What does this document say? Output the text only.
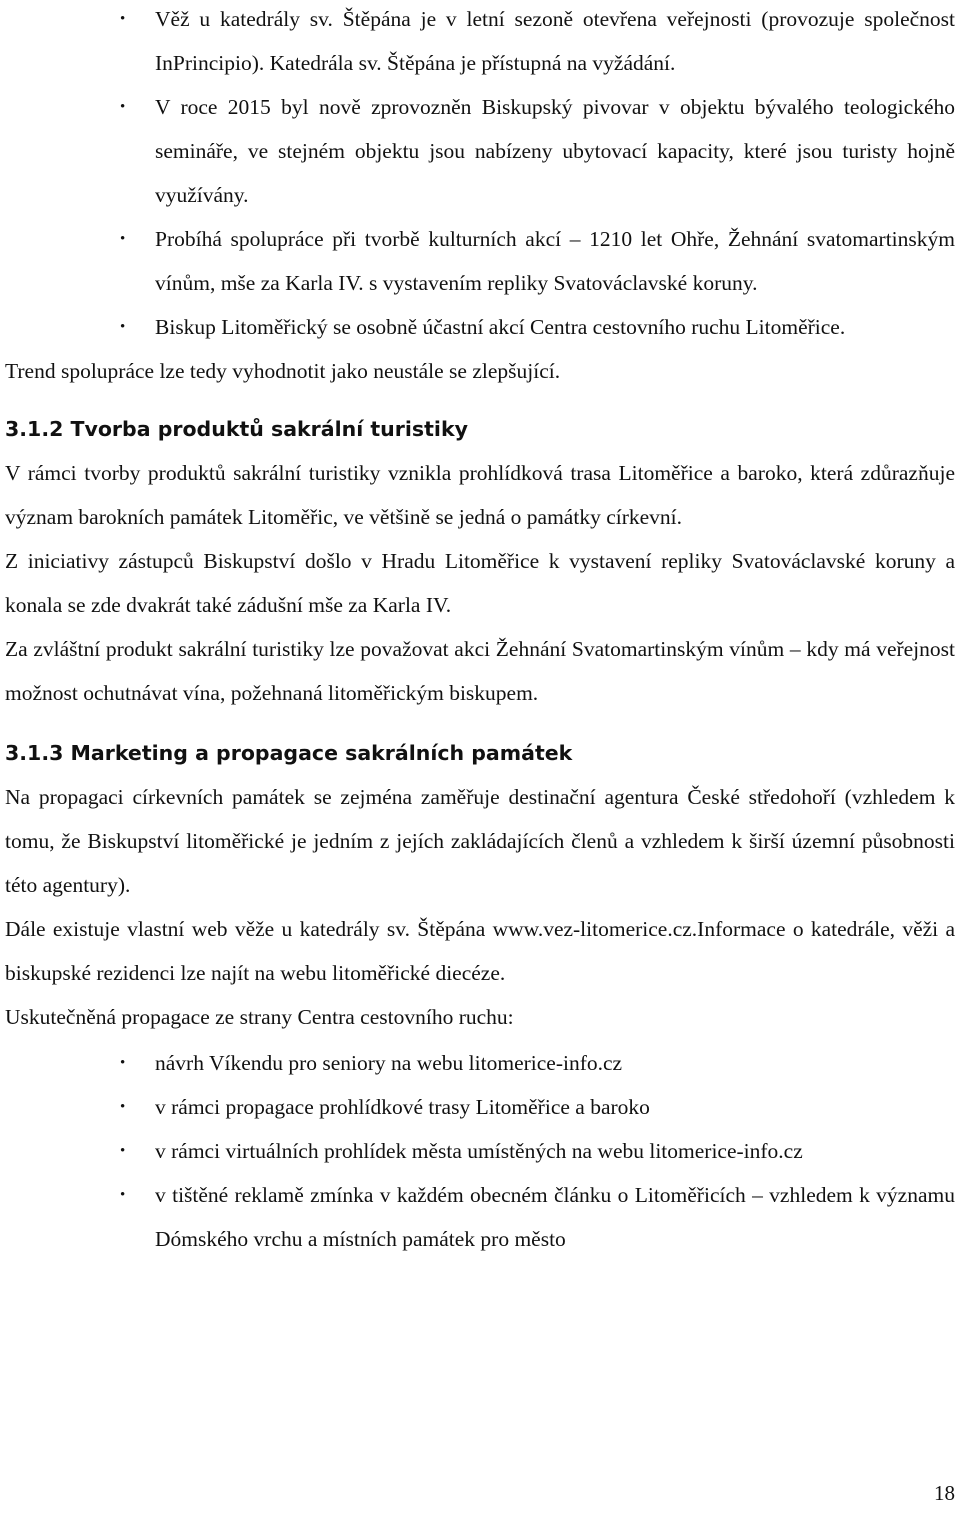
• Věž u katedrály sv. Štěpána je v letní sezoně otevřena veřejnosti (provozuje společnost InPrincipio). Katedrála sv. Štěpána je přístupná na vyžádání.
• V roce 2015 byl nově zprovozněn Biskupský pivovar v objektu bývalého teologického semináře, ve stejném objektu jsou nabízeny ubytovací kapacity, které jsou turisty hojně využívány.
• Probíhá spolupráce při tvorbě kulturních akcí – 1210 let Ohře, Žehnání svatomartinským vínům, mše za Karla IV. s vystavením repliky Svatováclavské koruny.
• Biskup Litoměřický se osobně účastní akcí Centra cestovního ruchu Litoměřice.

Trend spolupráce lze tedy vyhodnotit jako neustále se zlepšující.

3.1.2 Tvorba produktů sakrální turistiky

V rámci tvorby produktů sakrální turistiky vznikla prohlídková trasa Litoměřice a baroko, která zdůrazňuje význam barokních památek Litoměřic, ve většině se jedná o památky církevní.

Z iniciativy zástupců Biskupství došlo v Hradu Litoměřice k vystavení repliky Svatováclavské koruny a konala se zde dvakrát také zádušní mše za Karla IV.

Za zvláštní produkt sakrální turistiky lze považovat akci Žehnání Svatomartinským vínům – kdy má veřejnost možnost ochutnávat vína, požehnaná litoměřickým biskupem.

3.1.3 Marketing a propagace sakrálních památek

Na propagaci církevních památek se zejména zaměřuje destinační agentura České středohoří (vzhledem k tomu, že Biskupství litoměřické je jedním z jejích zakládajících členů a vzhledem k širší územní působnosti této agentury).

Dále existuje vlastní web věže u katedrály sv. Štěpána www.vez-litomerice.cz.Informace o katedrále, věži a biskupské rezidenci lze najít na webu litoměřické diecéze.

Uskutečněná propagace ze strany Centra cestovního ruchu:

• návrh Víkendu pro seniory na webu litomerice-info.cz
• v rámci propagace prohlídkové trasy Litoměřice a baroko
• v rámci virtuálních prohlídek města umístěných na webu litomerice-info.cz
• v tištěné reklamě zmínka v každém obecném článku o Litoměřicích – vzhledem k významu Dómského vrchu a místních památek pro město
18
